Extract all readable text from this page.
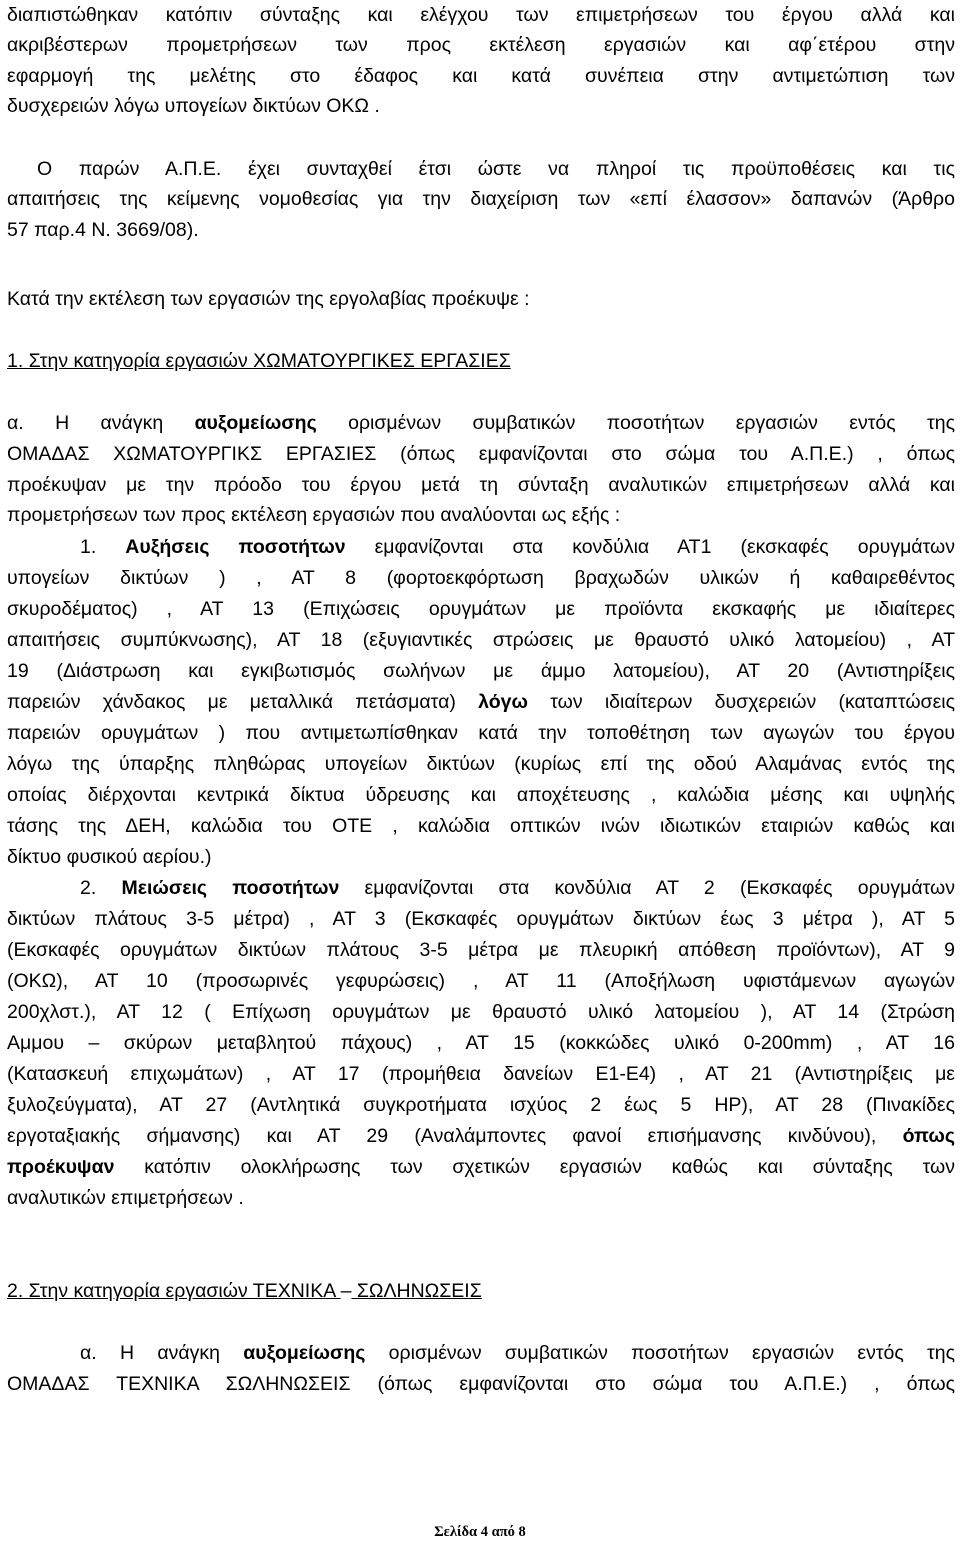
διαπιστώθηκαν κατόπιν σύνταξης και ελέγχου των επιμετρήσεων του έργου αλλά και

ακριβέστερων προμετρήσεων των προς εκτέλεση εργασιών και αφ΄ετέρου στην

εφαρμογή της μελέτης στο έδαφος και κατά συνέπεια στην αντιμετώπιση των

δυσχερειών λόγω υπογείων δικτύων ΟΚΩ .

Ο παρών Α.Π.Ε. έχει συνταχθεί έτσι ώστε να πληροί τις προϋποθέσεις και τις

απαιτήσεις της κείμενης νομοθεσίας για την διαχείριση των «επί έλασσον» δαπανών (Άρθρο

57 παρ.4 Ν. 3669/08).

Κατά την εκτέλεση των εργασιών της εργολαβίας προέκυψε :

1. Στην κατηγορία εργασιών ΧΩΜΑΤΟΥΡΓΙΚΕΣ ΕΡΓΑΣΙΕΣ

α. Η ανάγκη αυξομείωσης ορισμένων συμβατικών ποσοτήτων εργασιών εντός της

ΟΜΑΔΑΣ ΧΩΜΑΤΟΥΡΓΙΚΣ ΕΡΓΑΣΙΕΣ (όπως εμφανίζονται στο σώμα του Α.Π.Ε.) , όπως

προέκυψαν με την πρόοδο του έργου μετά τη σύνταξη αναλυτικών επιμετρήσεων αλλά και

προμετρήσεων των προς εκτέλεση εργασιών που αναλύονται ως εξής :

1. Αυξήσεις ποσοτήτων εμφανίζονται στα κονδύλια ΑΤ1 (εκσκαφές ορυγμάτων

υπογείων δικτύων ) , ΑΤ 8 (φορτοεκφόρτωση βραχωδών υλικών ή καθαιρεθέντος

σκυροδέματος) , ΑΤ 13 (Επιχώσεις ορυγμάτων με προϊόντα εκσκαφής με ιδιαίτερες

απαιτήσεις συμπύκνωσης), ΑΤ 18 (εξυγιαντικές στρώσεις με θραυστό υλικό λατομείου) , ΑΤ

19 (Διάστρωση και εγκιβωτισμός σωλήνων με άμμο λατομείου), ΑΤ 20 (Αντιστηρίξεις

παρειών χάνδακος με μεταλλικά πετάσματα) λόγω των ιδιαίτερων δυσχερειών (καταπτώσεις

παρειών ορυγμάτων ) που αντιμετωπίσθηκαν κατά την τοποθέτηση των αγωγών του έργου

λόγω της ύπαρξης πληθώρας υπογείων δικτύων (κυρίως επί της οδού Αλαμάνας εντός της

οποίας διέρχονται κεντρικά δίκτυα ύδρευσης και αποχέτευσης , καλώδια μέσης και υψηλής

τάσης της ΔΕΗ, καλώδια του ΟΤΕ , καλώδια οπτικών ινών ιδιωτικών εταιριών καθώς και

δίκτυο φυσικού αερίου.)

2. Μειώσεις ποσοτήτων εμφανίζονται στα κονδύλια ΑΤ 2 (Εκσκαφές ορυγμάτων

δικτύων πλάτους 3-5 μέτρα) , ΑΤ 3 (Εκσκαφές ορυγμάτων δικτύων έως 3 μέτρα ), ΑΤ 5

(Εκσκαφές ορυγμάτων δικτύων πλάτους 3-5 μέτρα με πλευρική απόθεση προϊόντων), ΑΤ 9

(ΟΚΩ), ΑΤ 10 (προσωρινές γεφυρώσεις) , ΑΤ 11 (Αποξήλωση υφιστάμενων αγωγών

200χλστ.), ΑΤ 12 ( Επίχωση ορυγμάτων με θραυστό υλικό λατομείου ), ΑΤ 14 (Στρώση

Αμμου – σκύρων μεταβλητού πάχους) , ΑΤ 15 (κοκκώδες υλικό 0-200mm) , ΑΤ 16

(Κατασκευή επιχωμάτων) , ΑΤ 17 (προμήθεια δανείων Ε1-Ε4) , ΑΤ 21 (Αντιστηρίξεις με

ξυλοζεύγματα), ΑΤ 27 (Αντλητικά συγκροτήματα ισχύος 2 έως 5 ΗΡ), ΑΤ 28 (Πινακίδες

εργοταξιακής σήμανσης) και ΑΤ 29 (Αναλάμποντες φανοί επισήμανσης κινδύνου), όπως

προέκυψαν κατόπιν ολοκλήρωσης των σχετικών εργασιών καθώς και σύνταξης των

αναλυτικών επιμετρήσεων .

2. Στην κατηγορία εργασιών ΤΕΧΝΙΚΑ – ΣΩΛΗΝΩΣΕΙΣ

α. Η ανάγκη αυξομείωσης ορισμένων συμβατικών ποσοτήτων εργασιών εντός της

ΟΜΑΔΑΣ ΤΕΧΝΙΚΑ ΣΩΛΗΝΩΣΕΙΣ (όπως εμφανίζονται στο σώμα του Α.Π.Ε.) , όπως

Σελίδα 4 από 8
